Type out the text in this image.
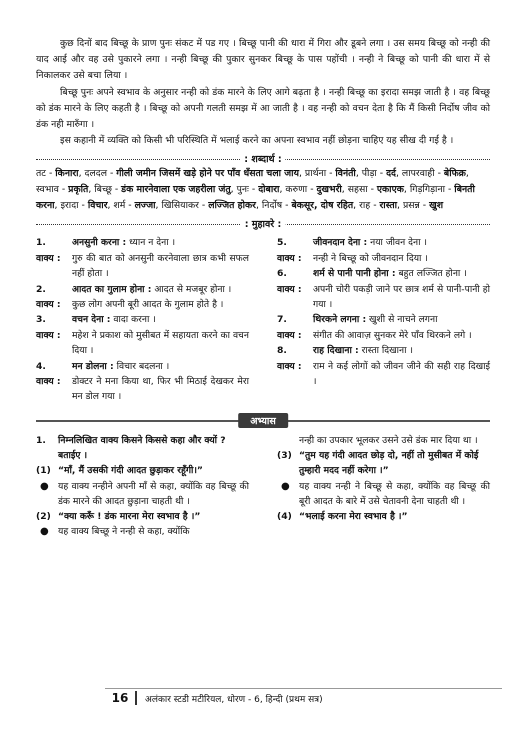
कुछ दिनों बाद बिच्छू के प्राण पुनः संकट में पड गए । बिच्छू पानी की धारा में गिरा और डूबने लगा । उस समय बिच्छू को नन्ही की याद आई और वह उसे पुकारने लगा । नन्ही बिच्छू की पुकार सुनकर बिच्छू के पास पहोंची । नन्ही ने बिच्छू को पानी की धारा में से निकालकर उसे बचा लिया ।

बिच्छू पुनः अपने स्वभाव के अनुसार नन्ही को डंक मारने के लिए आगे बढ़ता है । नन्ही बिच्छू का इरादा समझ जाती है । वह बिच्छू को डंक मारने के लिए कहती है । बिच्छू को अपनी गलती समझ में आ जाती है । वह नन्ही को वचन देता है कि मैं किसी निर्दोष जीव को डंक नही मारुँगा ।

इस कहानी में व्यक्ति को किसी भी परिस्थिति में भलाई करने का अपना स्वभाव नहीं छोड़ना चाहिए यह सीख दी गई है ।

: शब्दार्थ :
तट - किनारा, दलदल - गीली जमीन जिसमें खड़े होने पर पाँव धँसता चला जाय, प्रार्थना - विनंती, पीड़ा - दर्द, लापरवाही - बेफिक्र, स्वभाव - प्रकृति, बिच्छू - डंक मारनेवाला एक जहरीला जंतु, पुनः - दोबारा, करुणा - दुखभरी, सहसा - एकाएक, गिड़गिड़ाना - बिनती करना, इरादा - विचार, शर्म - लज्जा, खिसियाकर - लज्जित होकर, निर्दोष - बेकसूर, दोष रहित, राह - रास्ता, प्रसन्न - खुश
: मुहावरे :
1.	अनसुनी करना : ध्यान न देना ।
वाक्य :	गुरु की बात को अनसुनी करनेवाला छात्र कभी सफल नहीं होता ।
2.	आदत का गुलाम होना : आदत से मजबूर होना ।
वाक्य :	कुछ लोग अपनी बूरी आदत के गुलाम होते है ।
3.	वचन देना : वादा करना ।
वाक्य :	महेश ने प्रकाश को मुसीबत में सहायता करने का वचन दिया ।
4.	मन डोलना : विचार बदलना ।
वाक्य :	डोक्टर ने मना किया था, फिर भी मिठाई देखकर मेरा मन डोल गया ।
5.	जीवनदान देना : नया जीवन देना ।
वाक्य :	नन्ही ने बिच्छू को जीवनदान दिया ।
6.	शर्म से पानी पानी होना : बहुत लज्जित होना ।
वाक्य :	अपनी चोरी पकड़ी जाने पर छात्र शर्म से पानी-पानी हो गया ।
7.	थिरकने लगना : खुशी से नाचने लगना
वाक्य :	संगीत की आवाज़ सुनकर मेरे पाँव थिरकने लगे ।
8.	राह दिखाना : रास्ता दिखाना ।
वाक्य :	राम ने कई लोगों को जीवन जीने की सही राह दिखाई ।
अभ्यास
1.	निम्नलिखित वाक्य किसने किससे कहा और क्यों ? बताईए ।
(1) “माँ, मैं उसकी गंदी आदत छुड़ाकर रहूँगी।”
●	यह वाक्य नन्हीने अपनी माँ से कहा, क्योंकि वह बिच्छू की डंक मारने की आदत छुड़ाना चाहती थी ।
(2) “क्या करूँ ! डंक मारना मेरा स्वभाव है ।”
●	यह वाक्य बिच्छू ने नन्ही से कहा, क्योंकि
नन्ही का उपकार भूलकर उसने उसे डंक मार दिया था ।
(3) “तुम यह गंदी आदत छोड़ दो, नहीं तो मुसीबत में कोई तुम्हारी मदद नहीं करेगा ।”
●	यह वाक्य नन्ही ने बिच्छू से कहा, क्योंकि वह बिच्छू की बूरी आदत के बारे में उसे चेतावनी देना चाहती थी ।
(4) “भलाई करना मेरा स्वभाव है ।”
16	अलंकार स्टडी मटीरियल, धोरण - 6, हिन्दी (प्रथम सत्र)
